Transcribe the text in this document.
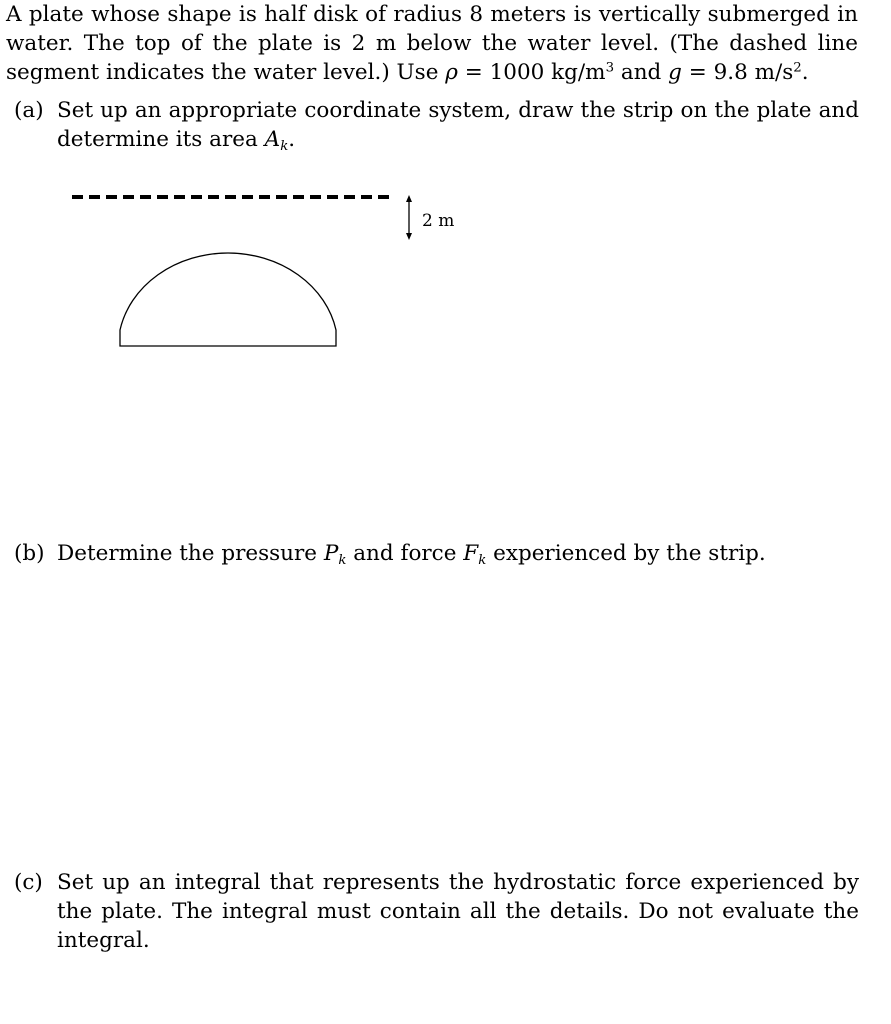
A plate whose shape is half disk of radius 8 meters is vertically submerged in water. The top of the plate is 2 m below the water level. (The dashed line segment indicates the water level.) Use ρ = 1000 $kg/m^3$ and g = 9.8 $m/s^2$.
(a) Set up an appropriate coordinate system, draw the strip on the plate and determine its area $A_k$.
2 m
(b) Determine the pressure $P_k$ and force $F_k$ experienced by the strip.
(c) Set up an integral that represents the hydrostatic force experienced by the plate. The integral must contain all the details. Do not evaluate the integral.
